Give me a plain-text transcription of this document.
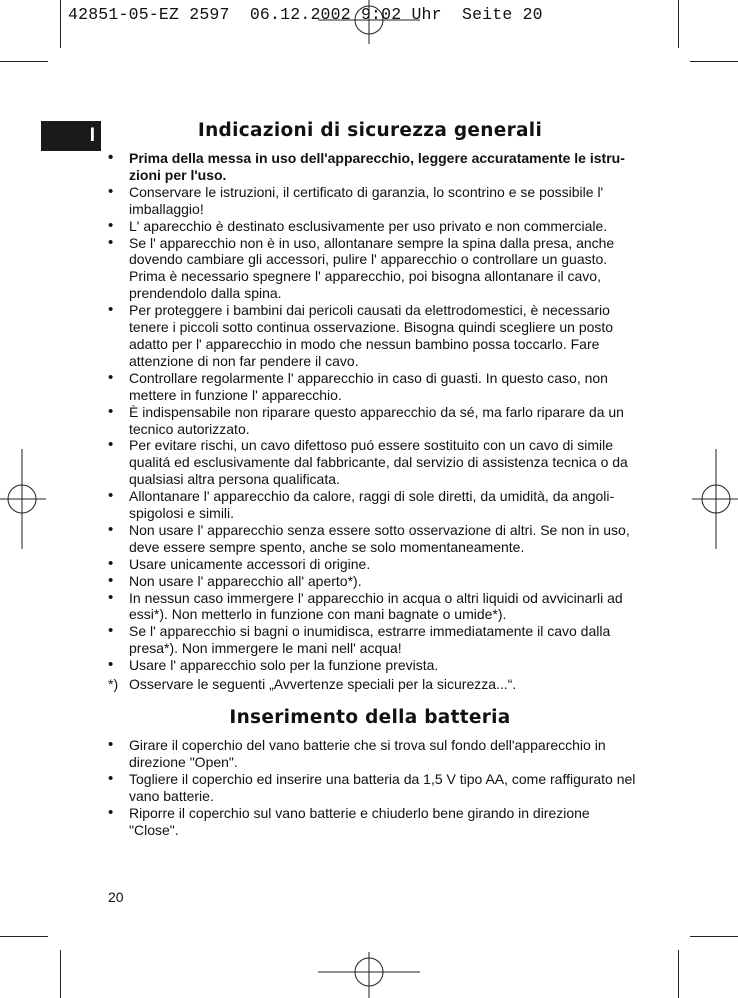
42851-05-EZ 2597  06.12.2002 9:02 Uhr  Seite 20
I	Indicazioni di sicurezza generali
• Prima della messa in uso dell'apparecchio, leggere accuratamente le istru-zioni per l'uso.
• Conservare le istruzioni, il certificato di garanzia, lo scontrino e se possibile l' imballaggio!
• L' aparecchio è destinato esclusivamente per uso privato e non commerciale.
• Se l' apparecchio non è in uso, allontanare sempre la spina dalla presa, anche dovendo cambiare gli accessori, pulire l' apparecchio o controllare un guasto. Prima è necessario spegnere l' apparecchio, poi bisogna allontanare il cavo, prendendolo dalla spina.
• Per proteggere i bambini dai pericoli causati da elettrodomestici, è necessario tenere i piccoli sotto continua osservazione. Bisogna quindi scegliere un posto adatto per l' apparecchio in modo che nessun bambino possa toccarlo. Fare attenzione di non far pendere il cavo.
• Controllare regolarmente l' apparecchio in caso di guasti. In questo caso, non mettere in funzione l' apparecchio.
• È indispensabile non riparare questo apparecchio da sé, ma farlo riparare da un tecnico autorizzato.
• Per evitare rischi, un cavo difettoso puó essere sostituito con un cavo di simile qualitá ed esclusivamente dal fabbricante, dal servizio di assistenza tecnica o da qualsiasi altra persona qualificata.
• Allontanare l' apparecchio da calore, raggi di sole diretti, da umidità, da angoli-spigolosi e simili.
• Non usare l' apparecchio senza essere sotto osservazione di altri. Se non in uso, deve essere sempre spento, anche se solo momentaneamente.
• Usare unicamente accessori di origine.
• Non usare l' apparecchio all' aperto*).
• In nessun caso immergere l' apparecchio in acqua o altri liquidi od avvicinarli ad essi*). Non metterlo in funzione con mani bagnate o umide*).
• Se l' apparecchio si bagni o inumidisca, estrarre immediatamente il cavo dalla presa*). Non immergere le mani nell' acqua!
• Usare l' apparecchio solo per la funzione prevista.
*) Osservare le seguenti „Avvertenze speciali per la sicurezza...“.
Inserimento della batteria
• Girare il coperchio del vano batterie che si trova sul fondo dell'apparecchio in direzione "Open".
• Togliere il coperchio ed inserire una batteria da 1,5 V tipo AA, come raffigurato nel vano batterie.
• Riporre il coperchio sul vano batterie e chiuderlo bene girando in direzione "Close".
20
